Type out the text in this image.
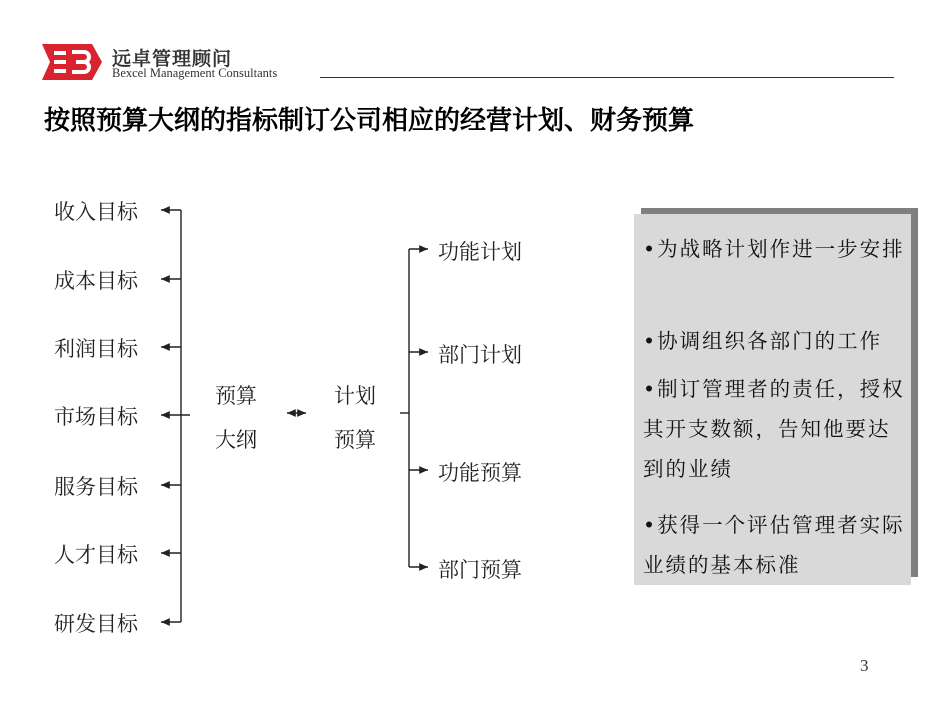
远卓管理顾问
Bexcel Management Consultants
按照预算大纲的指标制订公司相应的经营计划、财务预算
收入目标
成本目标
利润目标
市场目标
服务目标
人才目标
研发目标
预算
大纲
计划
预算
功能计划
部门计划
功能预算
部门预算
•为战略计划作进一步安排
•协调组织各部门的工作
•制订管理者的责任，授权其开支数额，告知他要达到的业绩
•获得一个评估管理者实际业绩的基本标准
3
